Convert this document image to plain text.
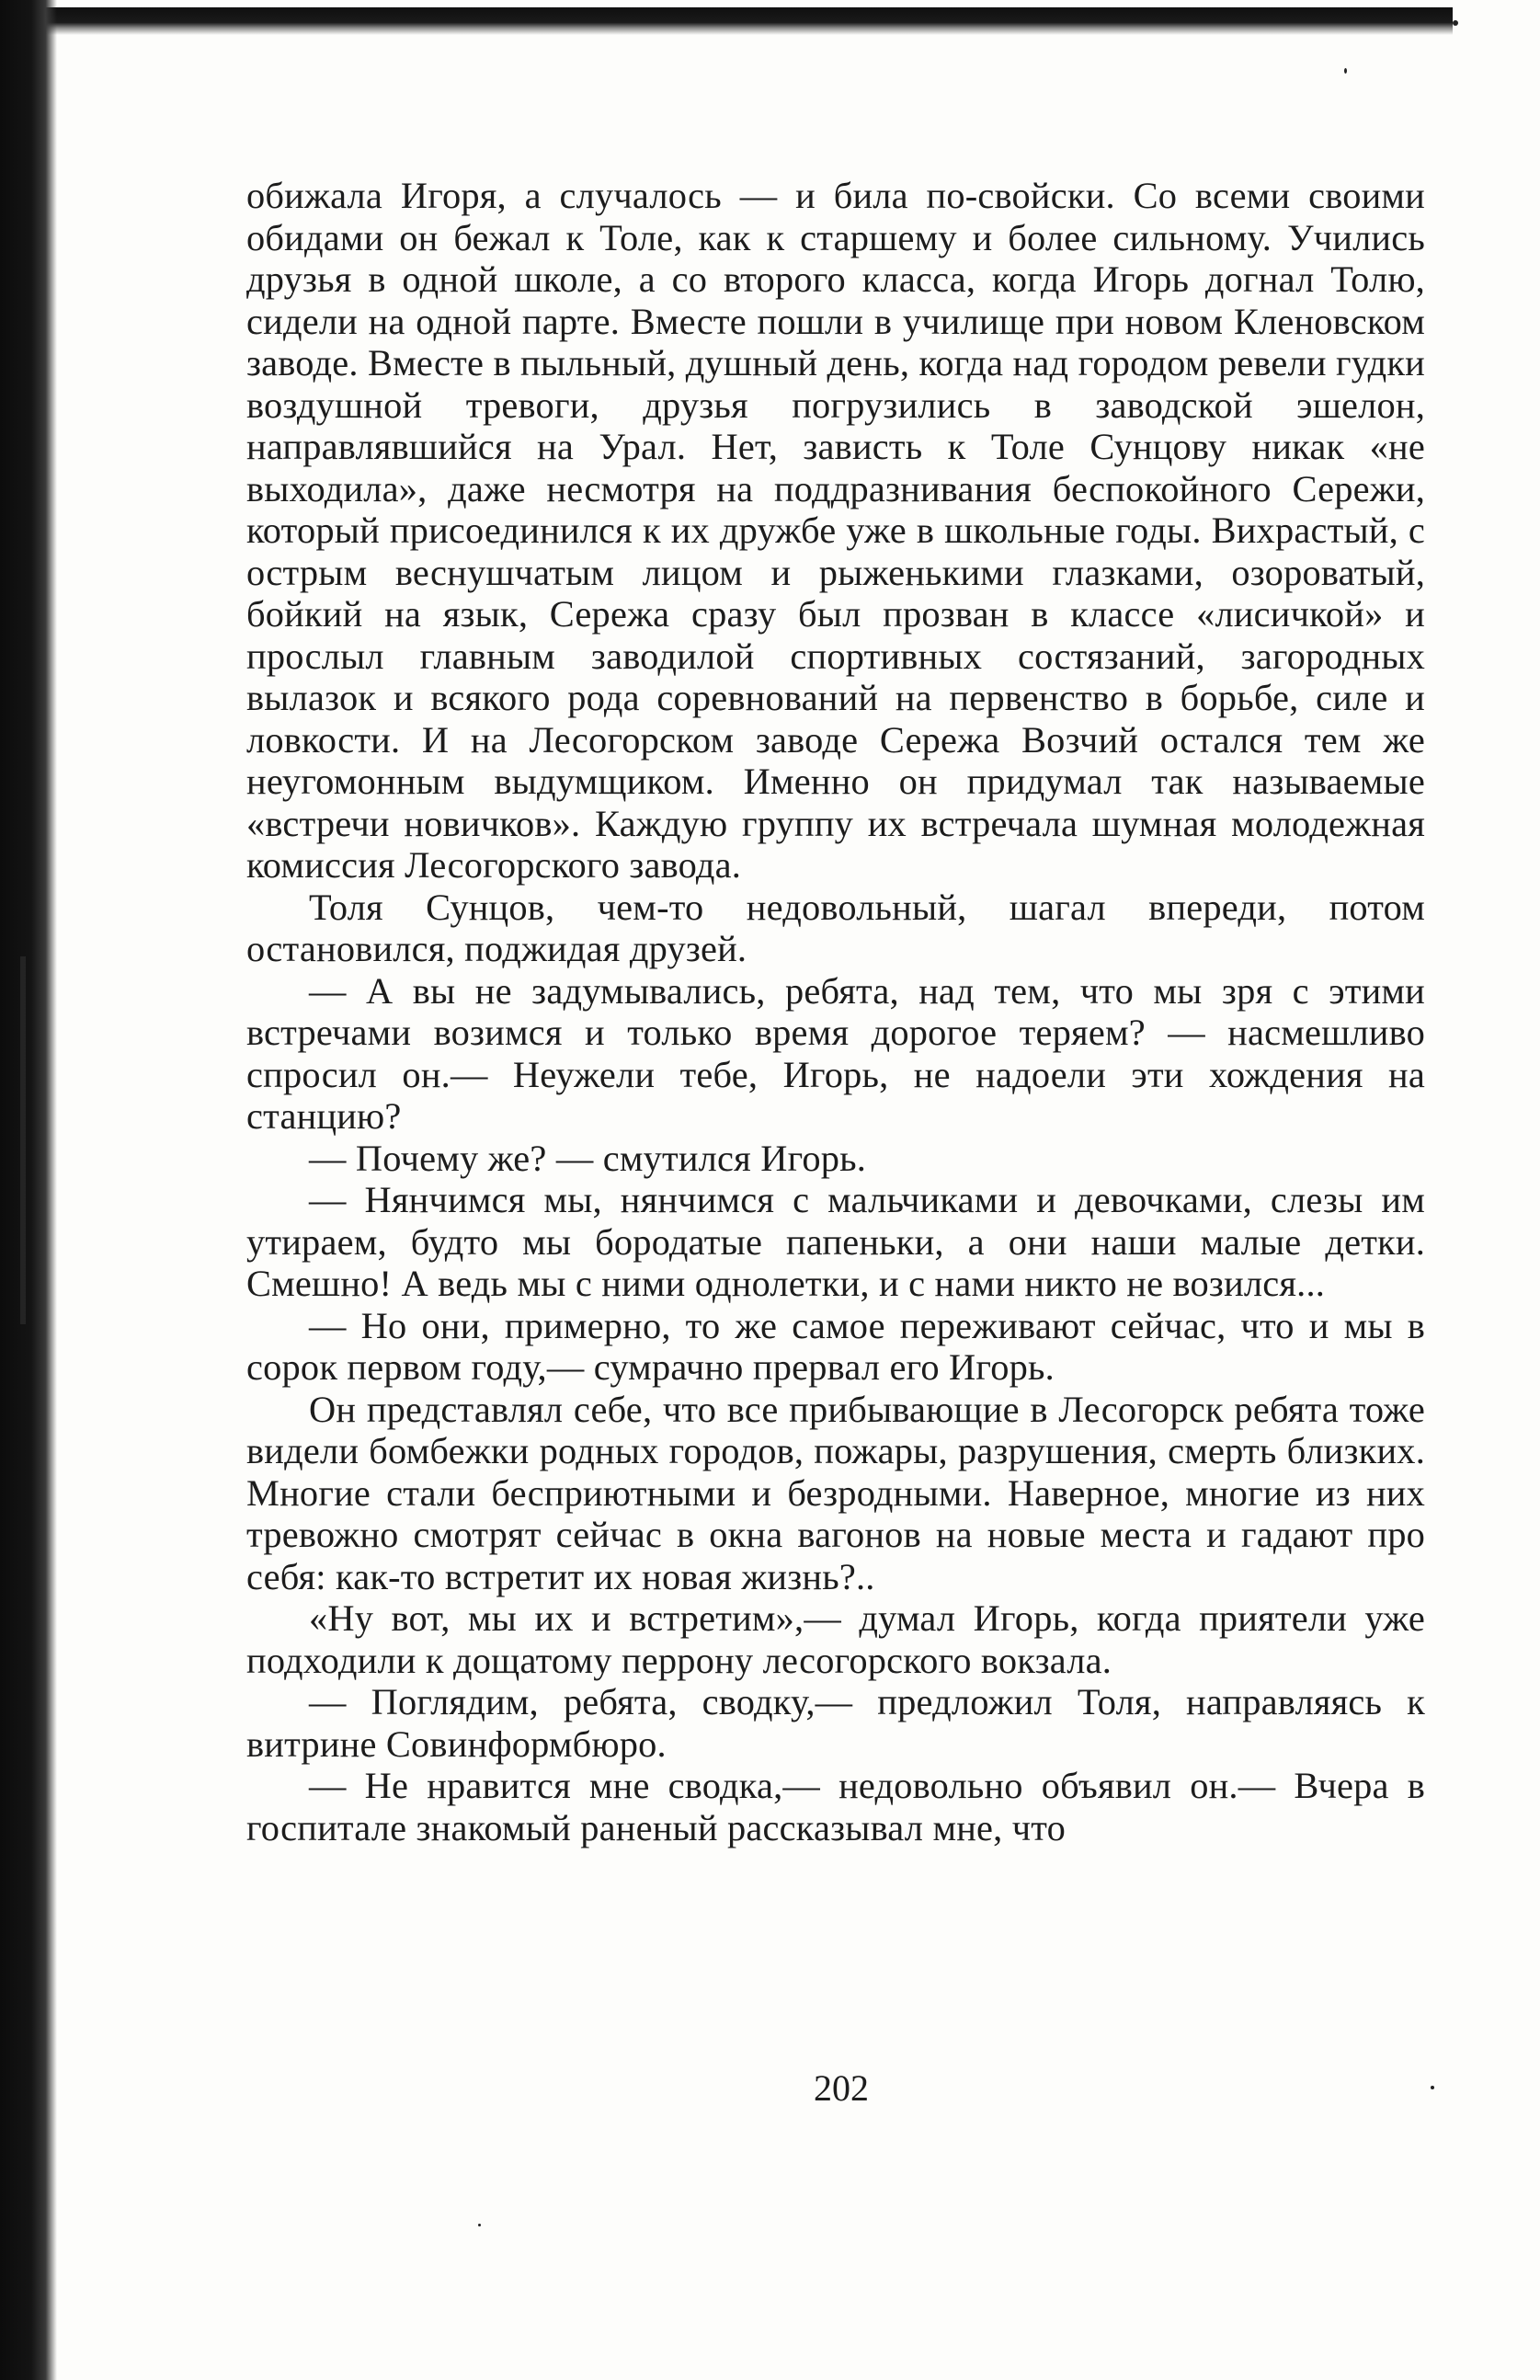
обижала Игоря, а случалось — и била по-свойски. Со всеми своими обидами он бежал к Толе, как к старшему и более сильному. Учились друзья в одной школе, а со второго класса, когда Игорь догнал Толю, сидели на одной парте. Вместе пошли в училище при новом Кленовском заводе. Вместе в пыльный, душный день, когда над городом ревели гудки воздушной тревоги, друзья погрузились в заводской эшелон, направлявшийся на Урал. Нет, зависть к Толе Сунцову никак «не выходила», даже несмотря на поддразнивания беспокойного Сережи, который присоединился к их дружбе уже в школьные годы. Вихрастый, с острым веснушчатым лицом и рыженькими глазками, озороватый, бойкий на язык, Сережа сразу был прозван в классе «лисичкой» и прослыл главным заводилой спортивных состязаний, загородных вылазок и всякого рода соревнований на первенство в борьбе, силе и ловкости. И на Лесогорском заводе Сережа Возчий остался тем же неугомонным выдумщиком. Именно он придумал так называемые «встречи новичков». Каждую группу их встречала шумная молодежная комиссия Лесогорского завода.

Толя Сунцов, чем-то недовольный, шагал впереди, потом остановился, поджидая друзей.

— А вы не задумывались, ребята, над тем, что мы зря с этими встречами возимся и только время дорогое теряем? — насмешливо спросил он.— Неужели тебе, Игорь, не надоели эти хождения на станцию?

— Почему же? — смутился Игорь.

— Нянчимся мы, нянчимся с мальчиками и девочками, слезы им утираем, будто мы бородатые папеньки, а они наши малые детки. Смешно! А ведь мы с ними однолетки, и с нами никто не возился...

— Но они, примерно, то же самое переживают сейчас, что и мы в сорок первом году,— сумрачно прервал его Игорь.

Он представлял себе, что все прибывающие в Лесогорск ребята тоже видели бомбежки родных городов, пожары, разрушения, смерть близких. Многие стали бесприютными и безродными. Наверное, многие из них тревожно смотрят сейчас в окна вагонов на новые места и гадают про себя: как-то встретит их новая жизнь?..

«Ну вот, мы их и встретим»,— думал Игорь, когда приятели уже подходили к дощатому перрону лесогорского вокзала.

— Поглядим, ребята, сводку,— предложил Толя, направляясь к витрине Совинформбюро.

— Не нравится мне сводка,— недовольно объявил он.— Вчера в госпитале знакомый раненый рассказывал мне, что

202
